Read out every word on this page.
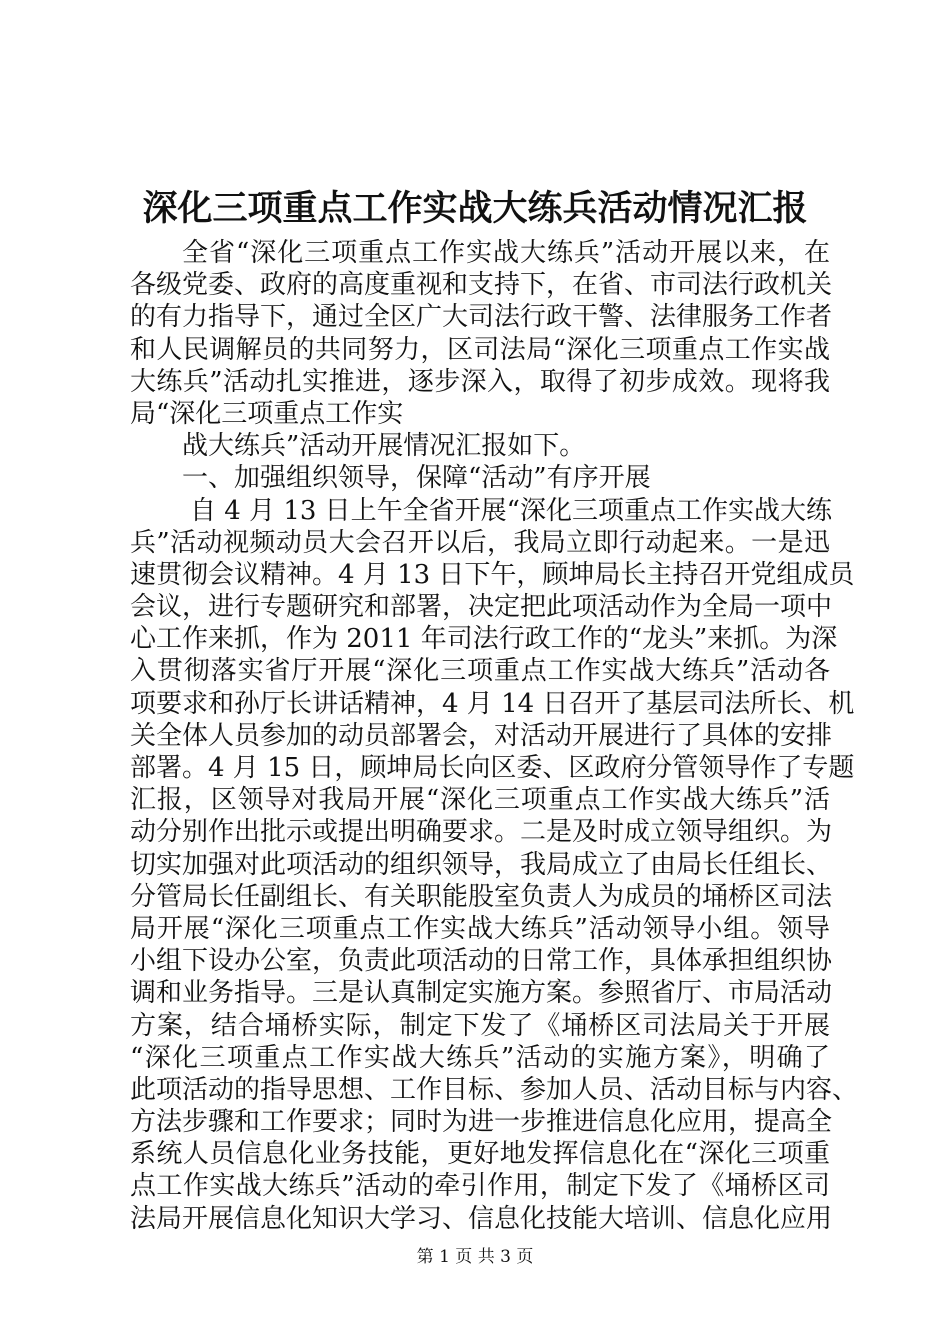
深化三项重点工作实战大练兵活动情况汇报
全省“深化三项重点工作实战大练兵”活动开展以来，在
各级党委、政府的高度重视和支持下，在省、市司法行政机关
的有力指导下，通过全区广大司法行政干警、法律服务工作者
和人民调解员的共同努力，区司法局“深化三项重点工作实战
大练兵”活动扎实推进，逐步深入，取得了初步成效。现将我
局“深化三项重点工作实
战大练兵”活动开展情况汇报如下。
一、加强组织领导，保障“活动”有序开展
自 4 月 13 日上午全省开展“深化三项重点工作实战大练
兵”活动视频动员大会召开以后，我局立即行动起来。一是迅
速贯彻会议精神。4 月 13 日下午，顾坤局长主持召开党组成员
会议，进行专题研究和部署，决定把此项活动作为全局一项中
心工作来抓，作为 2011 年司法行政工作的“龙头”来抓。为深
入贯彻落实省厅开展“深化三项重点工作实战大练兵”活动各
项要求和孙厅长讲话精神，4 月 14 日召开了基层司法所长、机
关全体人员参加的动员部署会，对活动开展进行了具体的安排
部署。4 月 15 日，顾坤局长向区委、区政府分管领导作了专题
汇报，区领导对我局开展“深化三项重点工作实战大练兵”活
动分别作出批示或提出明确要求。二是及时成立领导组织。为
切实加强对此项活动的组织领导，我局成立了由局长任组长、
分管局长任副组长、有关职能股室负责人为成员的埇桥区司法
局开展“深化三项重点工作实战大练兵”活动领导小组。领导
小组下设办公室，负责此项活动的日常工作，具体承担组织协
调和业务指导。三是认真制定实施方案。参照省厅、市局活动
方案，结合埇桥实际，制定下发了《埇桥区司法局关于开展
“深化三项重点工作实战大练兵”活动的实施方案》，明确了
此项活动的指导思想、工作目标、参加人员、活动目标与内容、
方法步骤和工作要求；同时为进一步推进信息化应用，提高全
系统人员信息化业务技能，更好地发挥信息化在“深化三项重
点工作实战大练兵”活动的牵引作用，制定下发了《埇桥区司
法局开展信息化知识大学习、信息化技能大培训、信息化应用
第 1 页 共 3 页
